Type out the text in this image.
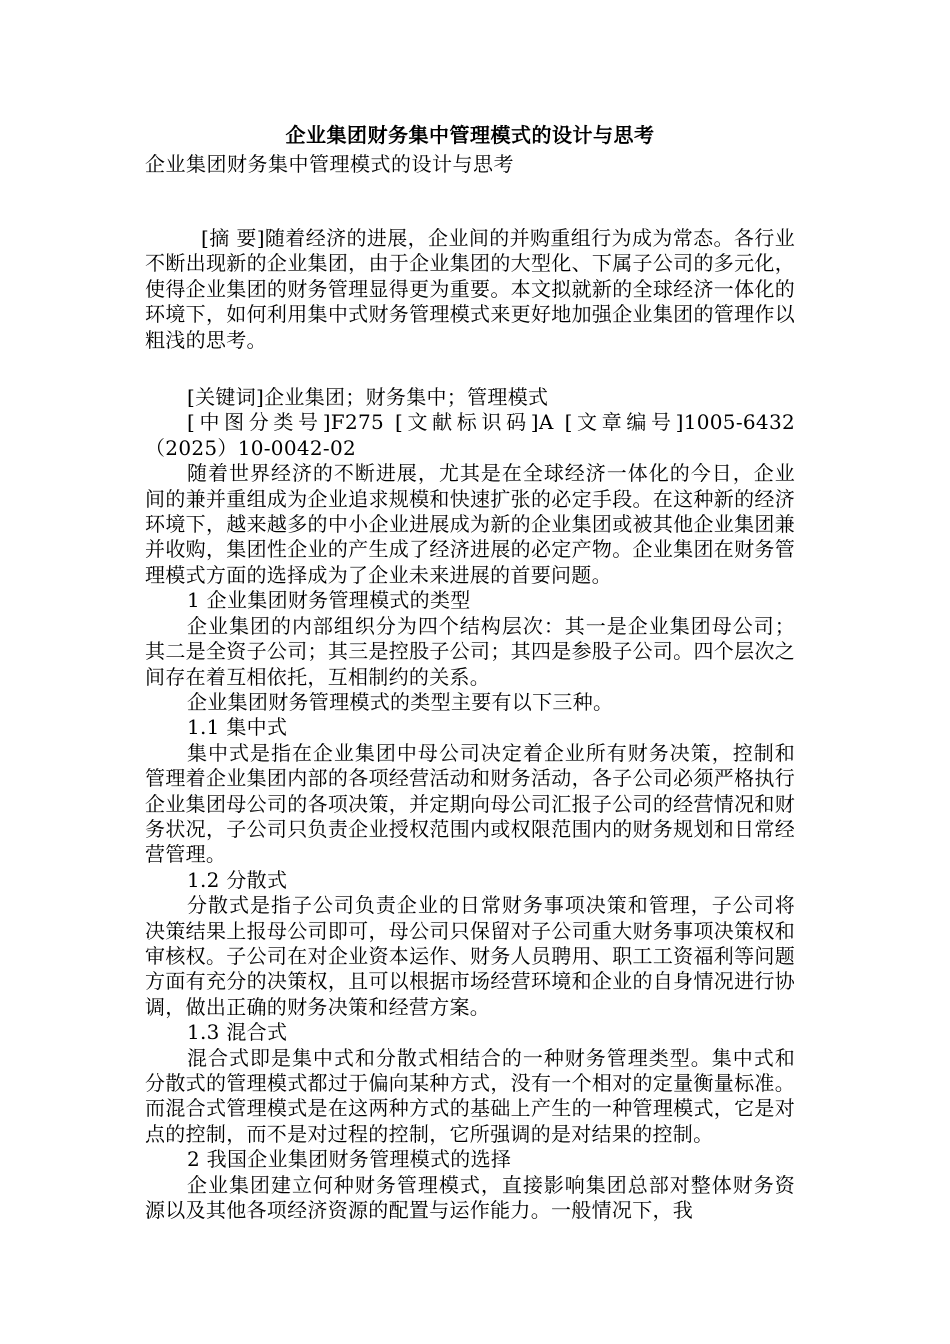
企业集团财务集中管理模式的设计与思考
企业集团财务集中管理模式的设计与思考

[摘 要]随着经济的进展，企业间的并购重组行为成为常态。各行业不断出现新的企业集团，由于企业集团的大型化、下属子公司的多元化，使得企业集团的财务管理显得更为重要。本文拟就新的全球经济一体化的环境下，如何利用集中式财务管理模式来更好地加强企业集团的管理作以粗浅的思考。

[关键词]企业集团；财务集中；管理模式

[中图分类号]F275 [文献标识码]A [文章编号]1005-6432（2025）10-0042-02

随着世界经济的不断进展，尤其是在全球经济一体化的今日，企业间的兼并重组成为企业追求规模和快速扩张的必定手段。在这种新的经济环境下，越来越多的中小企业进展成为新的企业集团或被其他企业集团兼并收购，集团性企业的产生成了经济进展的必定产物。企业集团在财务管理模式方面的选择成为了企业未来进展的首要问题。

1 企业集团财务管理模式的类型

企业集团的内部组织分为四个结构层次：其一是企业集团母公司；其二是全资子公司；其三是控股子公司；其四是参股子公司。四个层次之间存在着互相依托，互相制约的关系。

企业集团财务管理模式的类型主要有以下三种。

1.1 集中式

集中式是指在企业集团中母公司决定着企业所有财务决策，控制和管理着企业集团内部的各项经营活动和财务活动，各子公司必须严格执行企业集团母公司的各项决策，并定期向母公司汇报子公司的经营情况和财务状况，子公司只负责企业授权范围内或权限范围内的财务规划和日常经营管理。

1.2 分散式

分散式是指子公司负责企业的日常财务事项决策和管理，子公司将决策结果上报母公司即可，母公司只保留对子公司重大财务事项决策权和审核权。子公司在对企业资本运作、财务人员聘用、职工工资福利等问题方面有充分的决策权，且可以根据市场经营环境和企业的自身情况进行协调，做出正确的财务决策和经营方案。

1.3 混合式

混合式即是集中式和分散式相结合的一种财务管理类型。集中式和分散式的管理模式都过于偏向某种方式，没有一个相对的定量衡量标准。而混合式管理模式是在这两种方式的基础上产生的一种管理模式，它是对点的控制，而不是对过程的控制，它所强调的是对结果的控制。

2 我国企业集团财务管理模式的选择

企业集团建立何种财务管理模式，直接影响集团总部对整体财务资源以及其他各项经济资源的配置与运作能力。一般情况下，我
